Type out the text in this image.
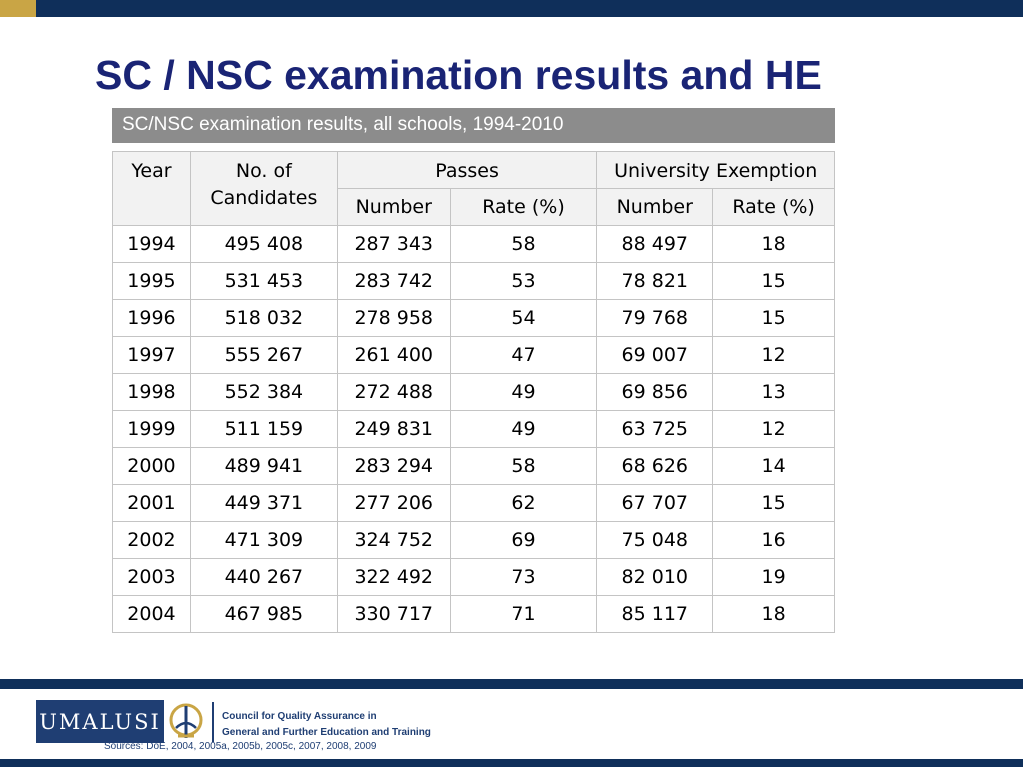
SC / NSC examination results and HE
SC/NSC examination results, all schools, 1994-2010
Year	No. of Candidates	Passes		University Exemption	
		Number	Rate (%)	Number	Rate (%)
1994	495 408	287 343	58	88 497	18
1995	531 453	283 742	53	78 821	15
1996	518 032	278 958	54	79 768	15
1997	555 267	261 400	47	69 007	12
1998	552 384	272 488	49	69 856	13
1999	511 159	249 831	49	63 725	12
2000	489 941	283 294	58	68 626	14
2001	449 371	277 206	62	67 707	15
2002	471 309	324 752	69	75 048	16
2003	440 267	322 492	73	82 010	19
2004	467 985	330 717	71	85 117	18
UMALUSI	Council for Quality Assurance in
General and Further Education and Training
Sources: DoE, 2004, 2005a, 2005b, 2005c, 2007, 2008, 2009
